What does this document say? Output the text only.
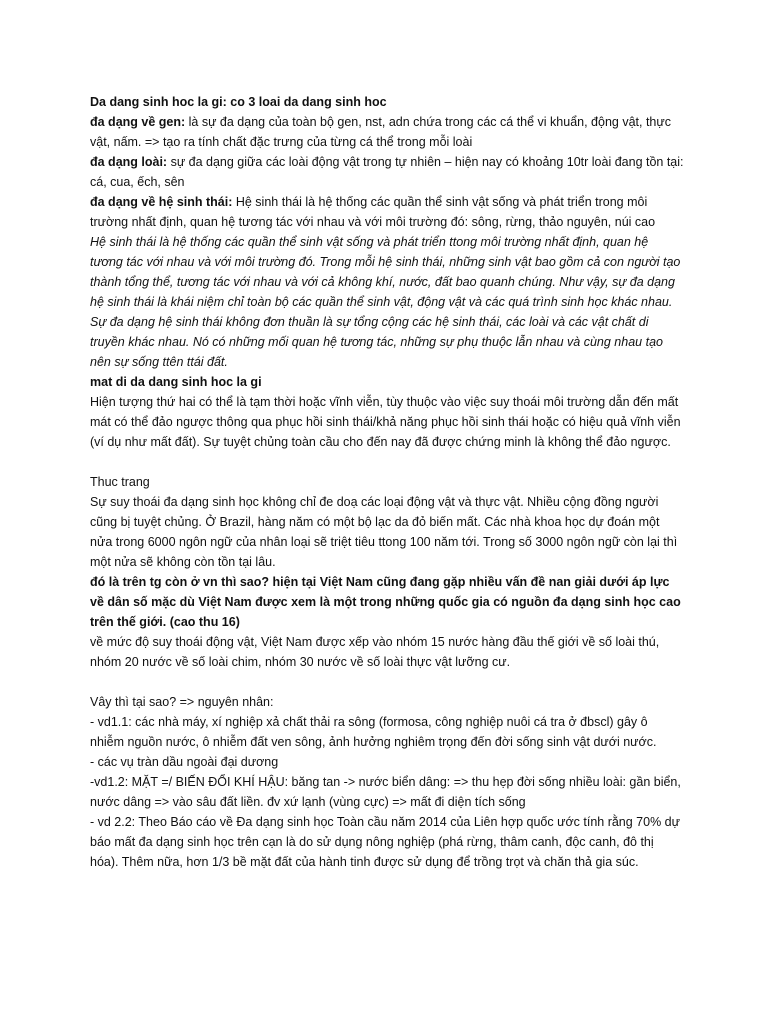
Da dang sinh hoc la gi: co 3 loai da dang sinh hoc
đa dạng về gen: là sự đa dạng của toàn bộ gen, nst, adn chứa trong các cá thể vi khuẩn, động vật, thực vật, nấm. => tạo ra tính chất đặc trưng của từng cá thể trong mỗi loài
đa dạng loài: sự đa dạng giữa các loài động vật trong tự nhiên – hiện nay có khoảng 10tr loài đang tồn tại: cá, cua, ếch, sên
đa dạng về hệ sinh thái: Hệ sinh thái là hệ thống các quần thể sinh vật sống và phát triển trong môi trường nhất định, quan hệ tương tác với nhau và với môi trường đó: sông, rừng, thảo nguyên, núi cao
Hệ sinh thái là hệ thống các quần thể sinh vật sống và phát triển ttong môi trường nhất định, quan hệ tương tác với nhau và với môi trường đó. Trong mỗi hệ sinh thái, những sinh vật bao gồm cả con người tạo thành tổng thể, tương tác với nhau và với cả không khí, nước, đất bao quanh chúng. Như vậy, sự đa dạng hệ sinh thái là khái niệm chỉ toàn bộ các quần thể sinh vật, động vật và các quá trình sinh học khác nhau. Sự đa dạng hệ sinh thái không đơn thuần là sự tổng cộng các hệ sinh thái, các loài và các vật chất di truyền khác nhau. Nó có những mối quan hệ tương tác, những sự phụ thuộc lẫn nhau và cùng nhau tạo nên sự sống ttên ttái đất.
mat di da dang sinh hoc la gi
Hiện tượng thứ hai có thể là tạm thời hoặc vĩnh viễn, tùy thuộc vào việc suy thoái môi trường dẫn đến mất mát có thể đảo ngược thông qua phục hồi sinh thái/khả năng phục hồi sinh thái hoặc có hiệu quả vĩnh viễn (ví dụ như mất đất). Sự tuyệt chủng toàn cầu cho đến nay đã được chứng minh là không thể đảo ngược.
Thuc trang
Sự suy thoái đa dạng sinh học không chỉ đe doạ các loại động vật và thực vật. Nhiều cộng đồng người cũng bị tuyệt chủng. Ở Brazil, hàng năm có một bộ lạc da đỏ biến mất. Các nhà khoa học dự đoán một nửa trong 6000 ngôn ngữ của nhân loại sẽ triệt tiêu ttong 100 năm tới. Trong số 3000 ngôn ngữ còn lại thì một nửa sẽ không còn tồn tại lâu.
đó là trên tg còn ở vn thì sao? hiện tại Việt Nam cũng đang gặp nhiều vấn đề nan giải dưới áp lực về dân số mặc dù Việt Nam được xem là một trong những quốc gia có nguồn đa dạng sinh học cao trên thế giới. (cao thu 16)
về mức độ suy thoái động vật, Việt Nam được xếp vào nhóm 15 nước hàng đầu thế giới về số loài thú, nhóm 20 nước về số loài chim, nhóm 30 nước về số loài thực vật lưỡng cư.
Vây thì tại sao? => nguyên nhân:
- vd1.1: các nhà máy, xí nghiệp xả chất thải ra sông (formosa, công nghiệp nuôi cá tra ở đbscl) gây ô nhiễm nguồn nước, ô nhiễm đất ven sông, ảnh hưởng nghiêm trọng đến đời sống sinh vật dưới nước.
- các vụ tràn dầu ngoài đại dương
-vd1.2: MẶT =/ BIẾN ĐỔI KHÍ HẬU: băng tan -> nước biển dâng: => thu hẹp đời sống nhiều loài: gần biển, nước dâng => vào sâu đất liền. đv xứ lạnh (vùng cực) => mất đi diện tích sống
- vd 2.2: Theo Báo cáo về Đa dạng sinh học Toàn cầu năm 2014 của Liên hợp quốc ước tính rằng 70% dự báo mất đa dạng sinh học trên cạn là do sử dụng nông nghiệp (phá rừng, thâm canh, độc canh, đô thị hóa). Thêm nữa, hơn 1/3 bề mặt đất của hành tinh được sử dụng để trồng trọt và chăn thả gia súc.
